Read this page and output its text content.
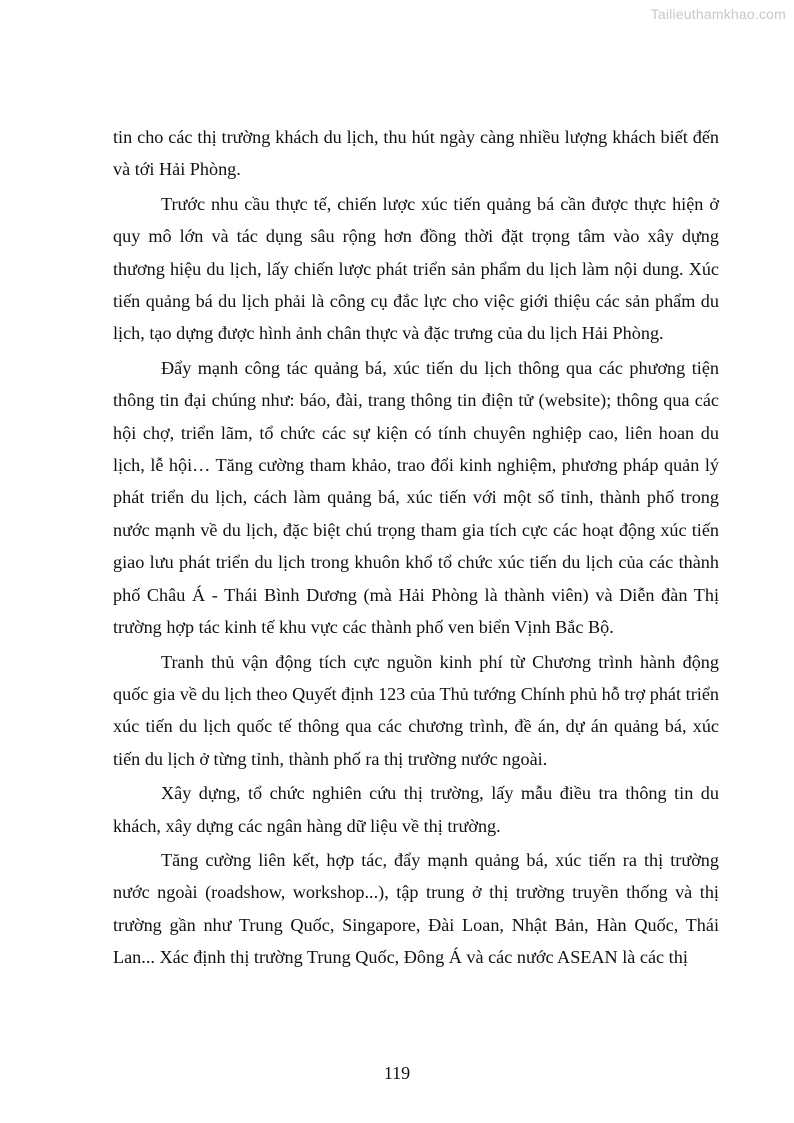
Tailieuthamkhao.com

tin cho các thị trường khách du lịch, thu hút ngày càng nhiều lượng khách biết đến và tới Hải Phòng.

Trước nhu cầu thực tế, chiến lược xúc tiến quảng bá cần được thực hiện ở quy mô lớn và tác dụng sâu rộng hơn đồng thời đặt trọng tâm vào xây dựng thương hiệu du lịch, lấy chiến lược phát triển sản phẩm du lịch làm nội dung. Xúc tiến quảng bá du lịch phải là công cụ đắc lực cho việc giới thiệu các sản phẩm du lịch, tạo dựng được hình ảnh chân thực và đặc trưng của du lịch Hải Phòng.

Đẩy mạnh công tác quảng bá, xúc tiến du lịch thông qua các phương tiện thông tin đại chúng như: báo, đài, trang thông tin điện tử (website); thông qua các hội chợ, triển lãm, tổ chức các sự kiện có tính chuyên nghiệp cao, liên hoan du lịch, lễ hội… Tăng cường tham khảo, trao đổi kinh nghiệm, phương pháp quản lý phát triển du lịch, cách làm quảng bá, xúc tiến với một số tỉnh, thành phố trong nước mạnh về du lịch, đặc biệt chú trọng tham gia tích cực các hoạt động xúc tiến giao lưu phát triển du lịch trong khuôn khổ tổ chức xúc tiến du lịch của các thành phố Châu Á - Thái Bình Dương (mà Hải Phòng là thành viên) và Diễn đàn Thị trường hợp tác kinh tế khu vực các thành phố ven biển Vịnh Bắc Bộ.

Tranh thủ vận động tích cực nguồn kinh phí từ Chương trình hành động quốc gia về du lịch theo Quyết định 123 của Thủ tướng Chính phủ hỗ trợ phát triển xúc tiến du lịch quốc tế thông qua các chương trình, đề án, dự án quảng bá, xúc tiến du lịch ở từng tỉnh, thành phố ra thị trường nước ngoài.

Xây dựng, tổ chức nghiên cứu thị trường, lấy mẫu điều tra thông tin du khách, xây dựng các ngân hàng dữ liệu về thị trường.

Tăng cường liên kết, hợp tác, đẩy mạnh quảng bá, xúc tiến ra thị trường nước ngoài (roadshow, workshop...), tập trung ở thị trường truyền thống và thị trường gần như Trung Quốc, Singapore, Đài Loan, Nhật Bản, Hàn Quốc, Thái Lan... Xác định thị trường Trung Quốc, Đông Á và các nước ASEAN là các thị

119
